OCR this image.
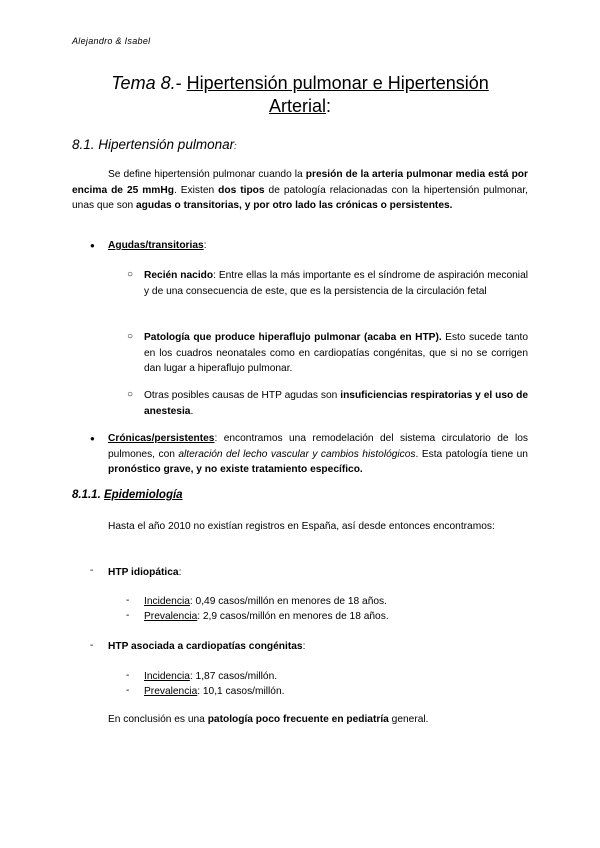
Alejandro & Isabel
Tema 8.- Hipertensión pulmonar e Hipertensión
Arterial:
8.1. Hipertensión pulmonar:
Se define hipertensión pulmonar cuando la presión de la arteria pulmonar media está por encima de 25 mmHg. Existen dos tipos de patología relacionadas con la hipertensión pulmonar, unas que son agudas o transitorias, y por otro lado las crónicas o persistentes.
● Agudas/transitorias:
○ Recién nacido: Entre ellas la más importante es el síndrome de aspiración meconial y de una consecuencia de este, que es la persistencia de la circulación fetal
○ Patología que produce hiperaflujo pulmonar (acaba en HTP). Esto sucede tanto en los cuadros neonatales como en cardiopatías congénitas, que si no se corrigen dan lugar a hiperaflujo pulmonar.
○ Otras posibles causas de HTP agudas son insuficiencias respiratorias y el uso de anestesia.
● Crónicas/persistentes: encontramos una remodelación del sistema circulatorio de los pulmones, con alteración del lecho vascular y cambios histológicos. Esta patología tiene un pronóstico grave, y no existe tratamiento específico.
8.1.1. Epidemiología
Hasta el año 2010 no existían registros en España, así desde entonces encontramos:
- HTP idiopática:
- Incidencia: 0,49 casos/millón en menores de 18 años.
- Prevalencia: 2,9 casos/millón en menores de 18 años.
- HTP asociada a cardiopatías congénitas:
- Incidencia: 1,87 casos/millón.
- Prevalencia: 10,1 casos/millón.
En conclusión es una patología poco frecuente en pediatría general.
